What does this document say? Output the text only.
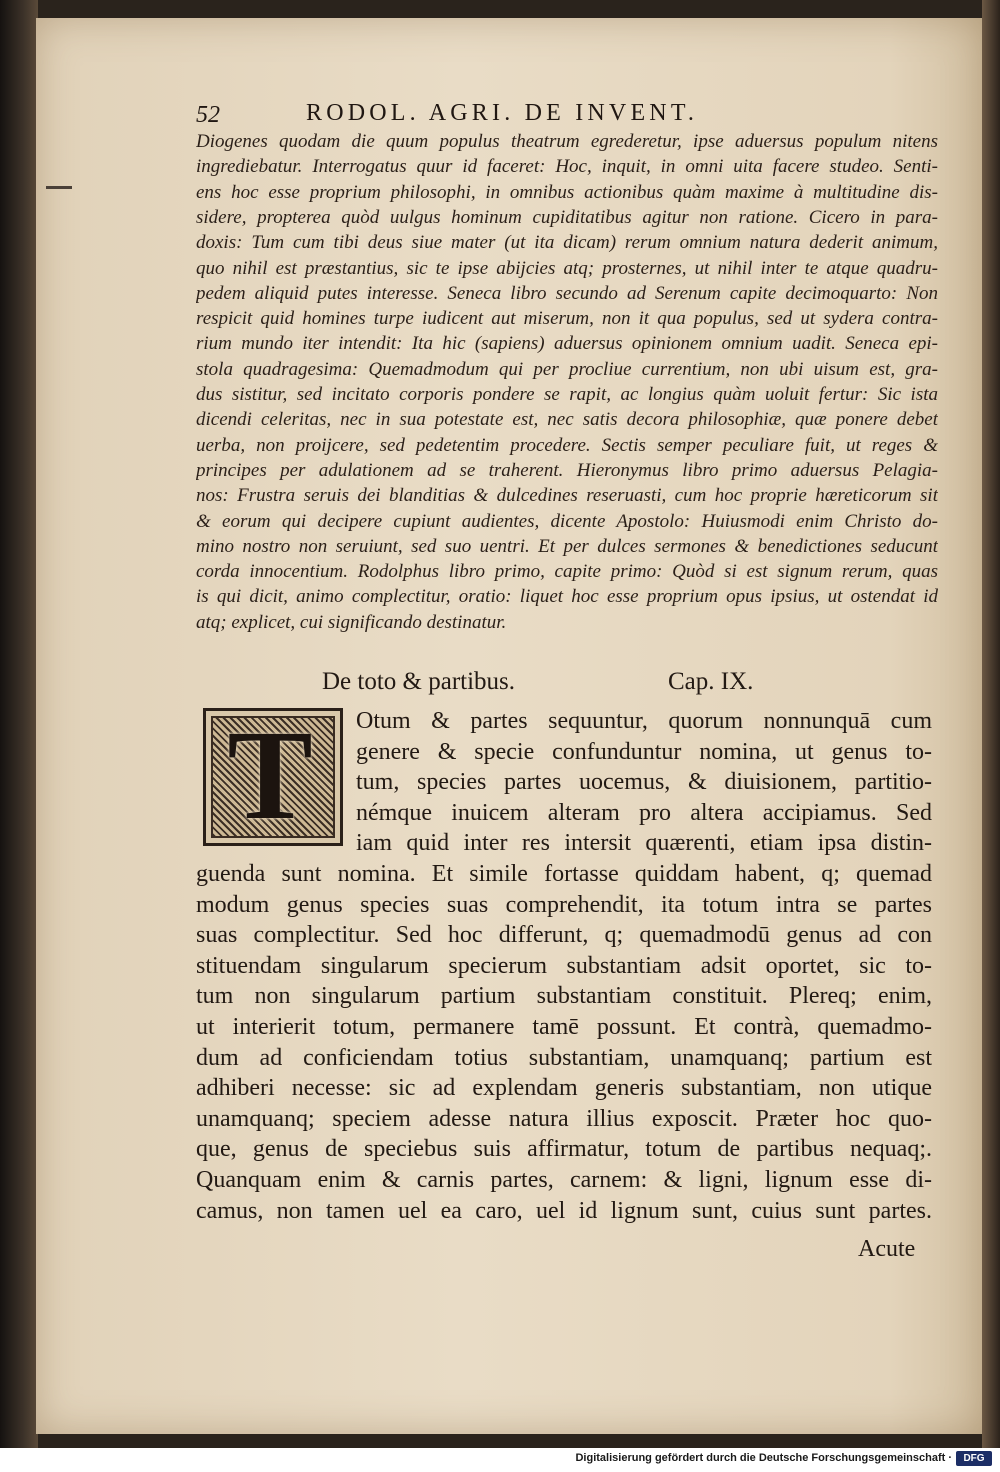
52	RODOL. AGRI. DE INVENT.
Diogenes quodam die quum populus theatrum egrederetur, ipse aduersus populum nitens
ingrediebatur. Interrogatus quur id faceret: Hoc, inquit, in omni uita facere studeo. Senti-
ens hoc esse proprium philosophi, in omnibus actionibus quàm maxime à multitudine dis-
sidere, propterea quòd uulgus hominum cupiditatibus agitur non ratione. Cicero in para-
doxis: Tum cum tibi deus siue mater (ut ita dicam) rerum omnium natura dederit animum,
quo nihil est præstantius, sic te ipse abijcies atq; prosternes, ut nihil inter te atque quadru-
pedem aliquid putes interesse. Seneca libro secundo ad Serenum capite decimoquarto: Non
respicit quid homines turpe iudicent aut miserum, non it qua populus, sed ut sydera contra-
rium mundo iter intendit: Ita hic (sapiens) aduersus opinionem omnium uadit. Seneca epi-
stola quadragesima: Quemadmodum qui per procliue currentium, non ubi uisum est, gra-
dus sistitur, sed incitato corporis pondere se rapit, ac longius quàm uoluit fertur: Sic ista
dicendi celeritas, nec in sua potestate est, nec satis decora philosophiæ, quæ ponere debet
uerba, non proijcere, sed pedetentim procedere. Sectis semper peculiare fuit, ut reges &
principes per adulationem ad se traherent. Hieronymus libro primo aduersus Pelagia-
nos: Frustra seruis dei blanditias & dulcedines reseruasti, cum hoc proprie hæreticorum sit
& eorum qui decipere cupiunt audientes, dicente Apostolo: Huiusmodi enim Christo do-
mino nostro non seruiunt, sed suo uentri. Et per dulces sermones & benedictiones seducunt
corda innocentium. Rodolphus libro primo, capite primo: Quòd si est signum rerum, quas
is qui dicit, animo complectitur, oratio: liquet hoc esse proprium opus ipsius, ut ostendat id
atq; explicet, cui significando destinatur.
De toto & partibus.	Cap. IX.
T	Otum & partes sequuntur, quorum nonnunquā cum
genere & specie confunduntur nomina, ut genus to-
tum, species partes uocemus, & diuisionem, partitio-
némque inuicem alteram pro altera accipiamus. Sed
iam quid inter res intersit quærenti, etiam ipsa distin-
guenda sunt nomina. Et simile fortasse quiddam habent, q; quemad
modum genus species suas comprehendit, ita totum intra se partes
suas complectitur. Sed hoc differunt, q; quemadmodū genus ad con
stituendam singularum specierum substantiam adsit oportet, sic to-
tum non singularum partium substantiam constituit. Plereq; enim,
ut interierit totum, permanere tamē possunt. Et contrà, quemadmo-
dum ad conficiendam totius substantiam, unamquanq; partium est
adhiberi necesse: sic ad explendam generis substantiam, non utique
unamquanq; speciem adesse natura illius exposcit. Præter hoc quo-
que, genus de speciebus suis affirmatur, totum de partibus nequaq;.
Quanquam enim & carnis partes, carnem: & ligni, lignum esse di-
camus, non tamen uel ea caro, uel id lignum sunt, cuius sunt partes.
Acute
Digitalisierung gefördert durch die Deutsche Forschungsgemeinschaft ·	DFG
